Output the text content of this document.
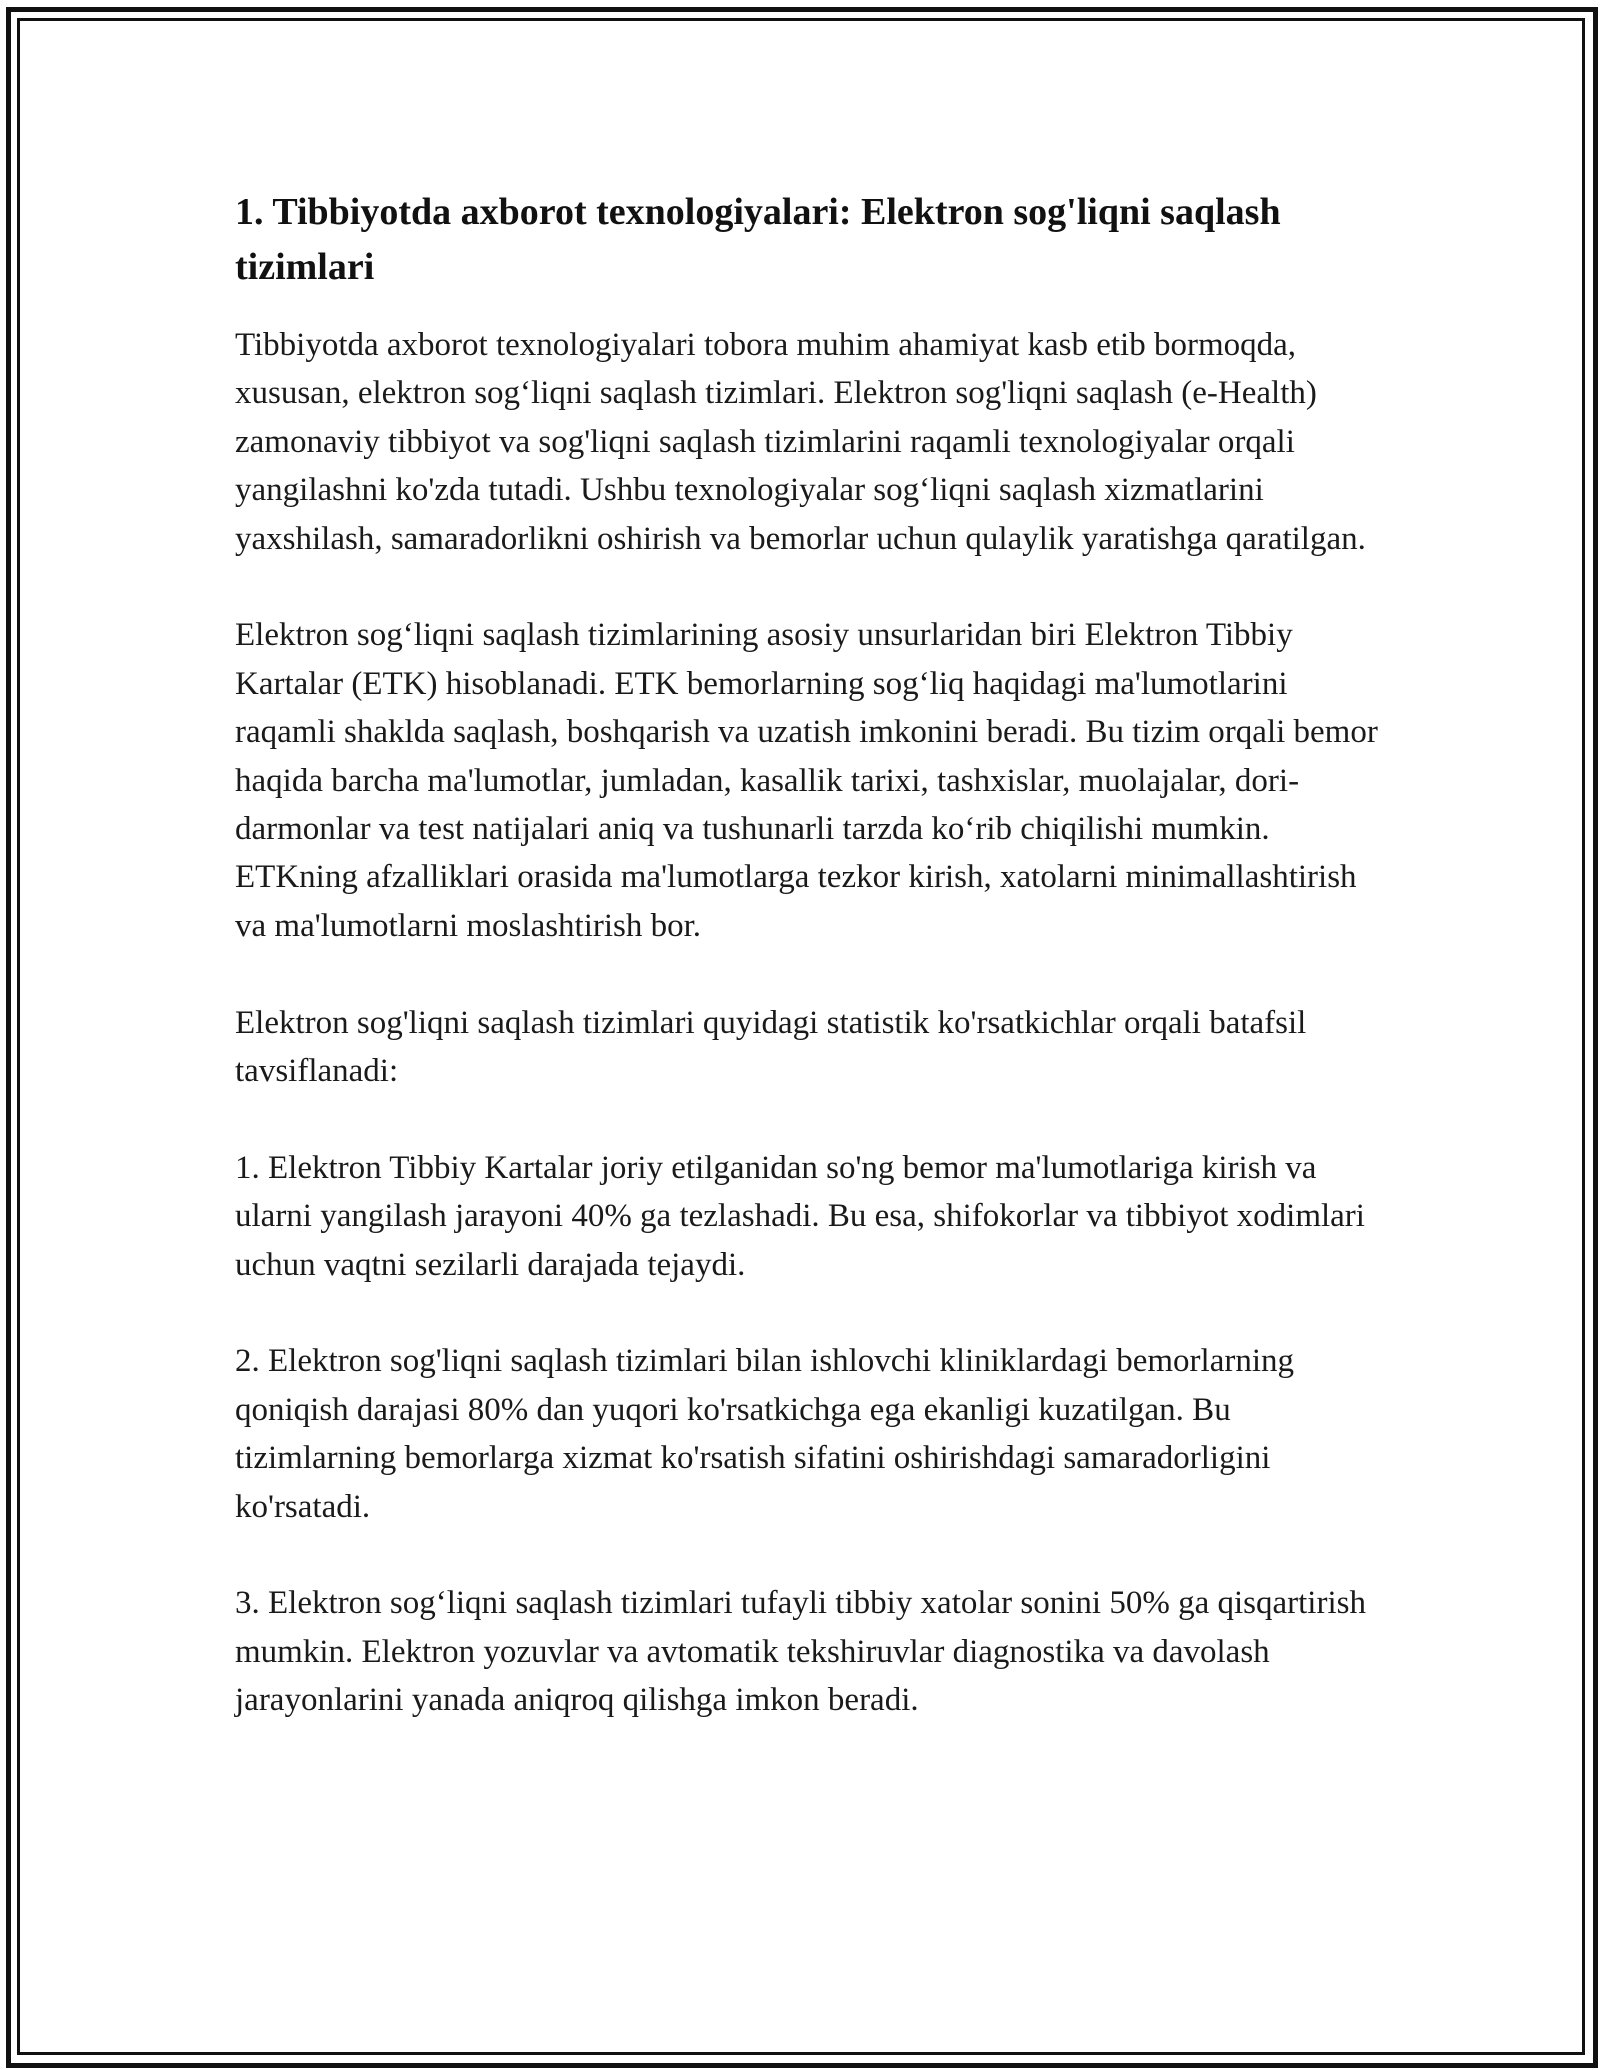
1. Tibbiyotda axborot texnologiyalari: Elektron sog'liqni saqlash tizimlari

Tibbiyotda axborot texnologiyalari tobora muhim ahamiyat kasb etib bormoqda, xususan, elektron sog‘liqni saqlash tizimlari. Elektron sog'liqni saqlash (e-Health) zamonaviy tibbiyot va sog'liqni saqlash tizimlarini raqamli texnologiyalar orqali yangilashni ko'zda tutadi. Ushbu texnologiyalar sog‘liqni saqlash xizmatlarini yaxshilash, samaradorlikni oshirish va bemorlar uchun qulaylik yaratishga qaratilgan.

Elektron sog‘liqni saqlash tizimlarining asosiy unsurlaridan biri Elektron Tibbiy Kartalar (ETK) hisoblanadi. ETK bemorlarning sog‘liq haqidagi ma'lumotlarini raqamli shaklda saqlash, boshqarish va uzatish imkonini beradi. Bu tizim orqali bemor haqida barcha ma'lumotlar, jumladan, kasallik tarixi, tashxislar, muolajalar, dori-darmonlar va test natijalari aniq va tushunarli tarzda ko‘rib chiqilishi mumkin. ETKning afzalliklari orasida ma'lumotlarga tezkor kirish, xatolarni minimallashtirish va ma'lumotlarni moslashtirish bor.

Elektron sog'liqni saqlash tizimlari quyidagi statistik ko'rsatkichlar orqali batafsil tavsiflanadi:

1. Elektron Tibbiy Kartalar joriy etilganidan so'ng bemor ma'lumotlariga kirish va ularni yangilash jarayoni 40% ga tezlashadi. Bu esa, shifokorlar va tibbiyot xodimlari uchun vaqtni sezilarli darajada tejaydi.

2. Elektron sog'liqni saqlash tizimlari bilan ishlovchi kliniklardagi bemorlarning qoniqish darajasi 80% dan yuqori ko'rsatkichga ega ekanligi kuzatilgan. Bu tizimlarning bemorlarga xizmat ko'rsatish sifatini oshirishdagi samaradorligini ko'rsatadi.

3. Elektron sog‘liqni saqlash tizimlari tufayli tibbiy xatolar sonini 50% ga qisqartirish mumkin. Elektron yozuvlar va avtomatik tekshiruvlar diagnostika va davolash jarayonlarini yanada aniqroq qilishga imkon beradi.
